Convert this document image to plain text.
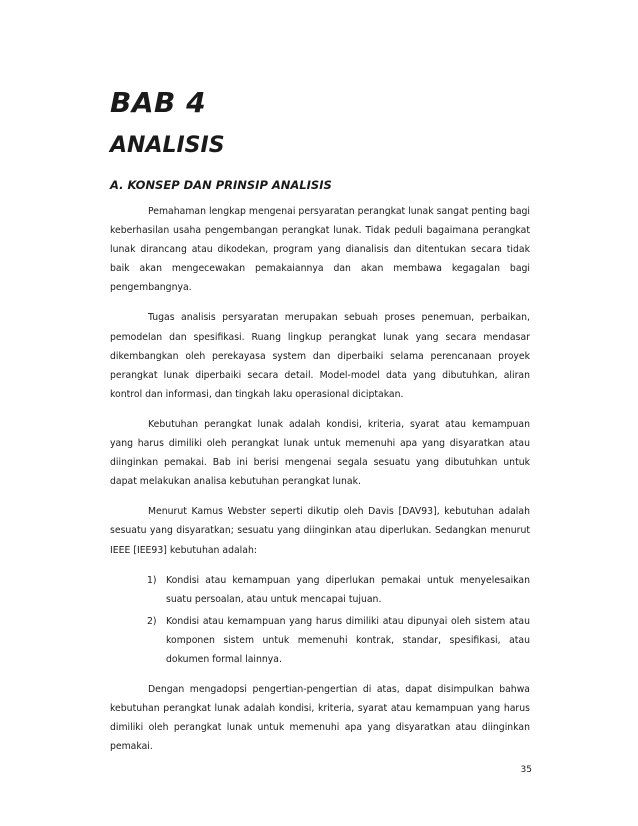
BAB 4
ANALISIS
A. KONSEP DAN PRINSIP ANALISIS

Pemahaman lengkap mengenai persyaratan perangkat lunak sangat penting bagi keberhasilan usaha pengembangan perangkat lunak. Tidak peduli bagaimana perangkat lunak dirancang atau dikodekan, program yang dianalisis dan ditentukan secara tidak baik akan mengecewakan pemakaiannya dan akan membawa kegagalan bagi pengembangnya.

Tugas analisis persyaratan merupakan sebuah proses penemuan, perbaikan, pemodelan dan spesifikasi. Ruang lingkup perangkat lunak yang secara mendasar dikembangkan oleh perekayasa system dan diperbaiki selama perencanaan proyek perangkat lunak diperbaiki secara detail. Model-model data yang dibutuhkan, aliran kontrol dan informasi, dan tingkah laku operasional diciptakan.

Kebutuhan perangkat lunak adalah kondisi, kriteria, syarat atau kemampuan yang harus dimiliki oleh perangkat lunak untuk memenuhi apa yang disyaratkan atau diinginkan pemakai. Bab ini berisi mengenai segala sesuatu yang dibutuhkan untuk dapat melakukan analisa kebutuhan perangkat lunak.

Menurut Kamus Webster seperti dikutip oleh Davis [DAV93], kebutuhan adalah sesuatu yang disyaratkan; sesuatu yang diinginkan atau diperlukan. Sedangkan menurut IEEE [IEE93] kebutuhan adalah:

1)	Kondisi atau kemampuan yang diperlukan pemakai untuk menyelesaikan suatu persoalan, atau untuk mencapai tujuan.
2)	Kondisi atau kemampuan yang harus dimiliki atau dipunyai oleh sistem atau komponen sistem untuk memenuhi kontrak, standar, spesifikasi, atau dokumen formal lainnya.

Dengan mengadopsi pengertian-pengertian di atas, dapat disimpulkan bahwa kebutuhan perangkat lunak adalah kondisi, kriteria, syarat atau kemampuan yang harus dimiliki oleh perangkat lunak untuk memenuhi apa yang disyaratkan atau diinginkan pemakai.

35
